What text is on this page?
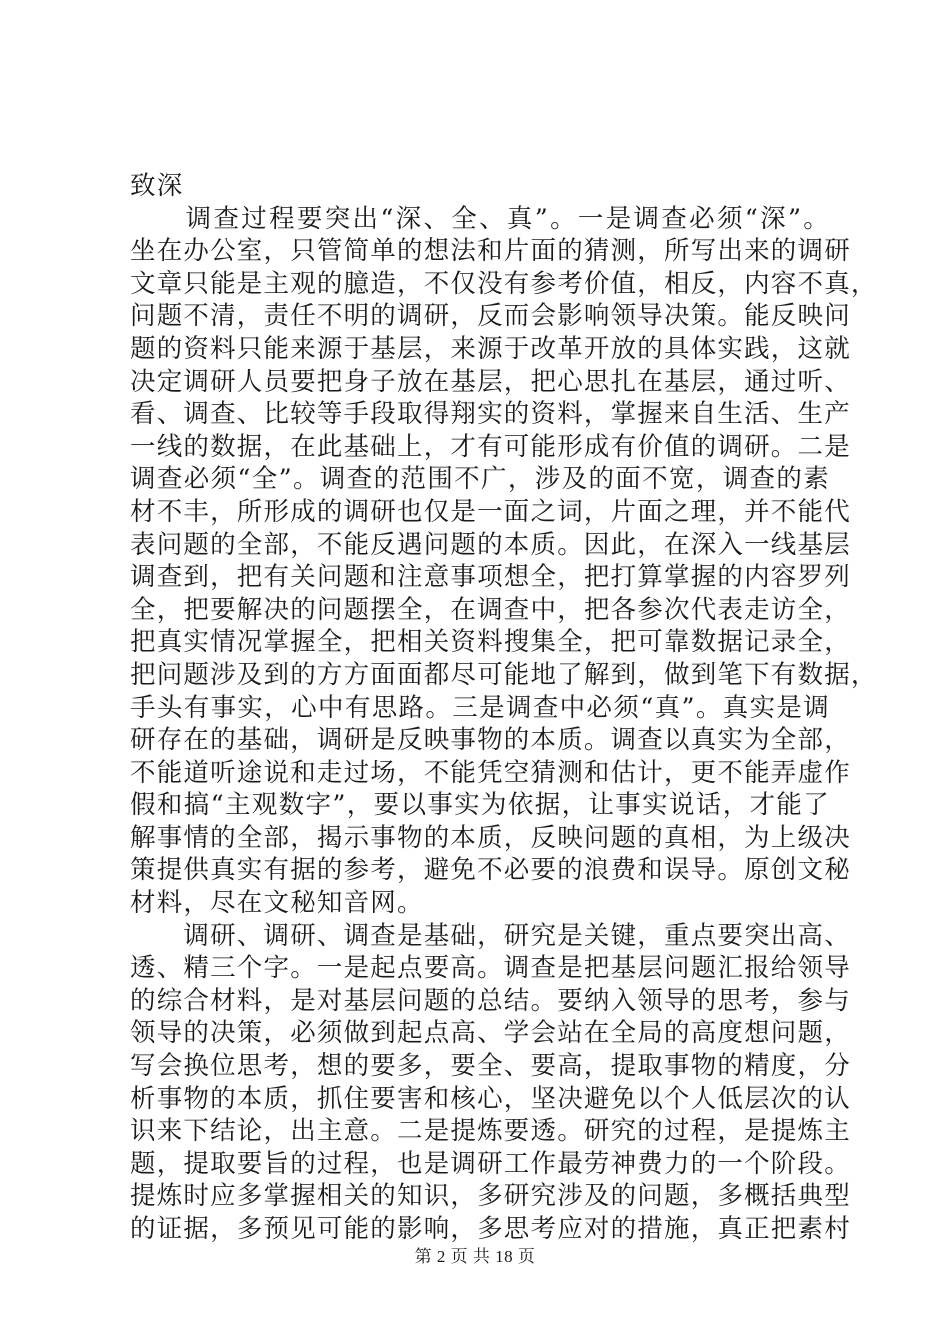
致深
　　调查过程要突出“深、全、真”。一是调查必须“深”。
坐在办公室，只管简单的想法和片面的猜测，所写出来的调研
文章只能是主观的臆造，不仅没有参考价值，相反，内容不真，
问题不清，责任不明的调研，反而会影响领导决策。能反映问
题的资料只能来源于基层，来源于改革开放的具体实践，这就
决定调研人员要把身子放在基层，把心思扎在基层，通过听、
看、调查、比较等手段取得翔实的资料，掌握来自生活、生产
一线的数据，在此基础上，才有可能形成有价值的调研。二是
调查必须“全”。调查的范围不广，涉及的面不宽，调查的素
材不丰，所形成的调研也仅是一面之词，片面之理，并不能代
表问题的全部，不能反遇问题的本质。因此，在深入一线基层
调查到，把有关问题和注意事项想全，把打算掌握的内容罗列
全，把要解决的问题摆全，在调查中，把各参次代表走访全，
把真实情况掌握全，把相关资料搜集全，把可靠数据记录全，
把问题涉及到的方方面面都尽可能地了解到，做到笔下有数据，
手头有事实，心中有思路。三是调查中必须“真”。真实是调
研存在的基础，调研是反映事物的本质。调查以真实为全部，
不能道听途说和走过场，不能凭空猜测和估计，更不能弄虚作
假和搞“主观数字”，要以事实为依据，让事实说话，才能了
解事情的全部，揭示事物的本质，反映问题的真相，为上级决
策提供真实有据的参考，避免不必要的浪费和误导。原创文秘
材料，尽在文秘知音网。
　　调研、调研、调查是基础，研究是关键，重点要突出高、
透、精三个字。一是起点要高。调查是把基层问题汇报给领导
的综合材料，是对基层问题的总结。要纳入领导的思考，参与
领导的决策，必须做到起点高、学会站在全局的高度想问题，
写会换位思考，想的要多，要全、要高，提取事物的精度，分
析事物的本质，抓住要害和核心，坚决避免以个人低层次的认
识来下结论，出主意。二是提炼要透。研究的过程，是提炼主
题，提取要旨的过程，也是调研工作最劳神费力的一个阶段。
提炼时应多掌握相关的知识，多研究涉及的问题，多概括典型
的证据，多预见可能的影响，多思考应对的措施，真正把素村
第 2 页 共 18 页
